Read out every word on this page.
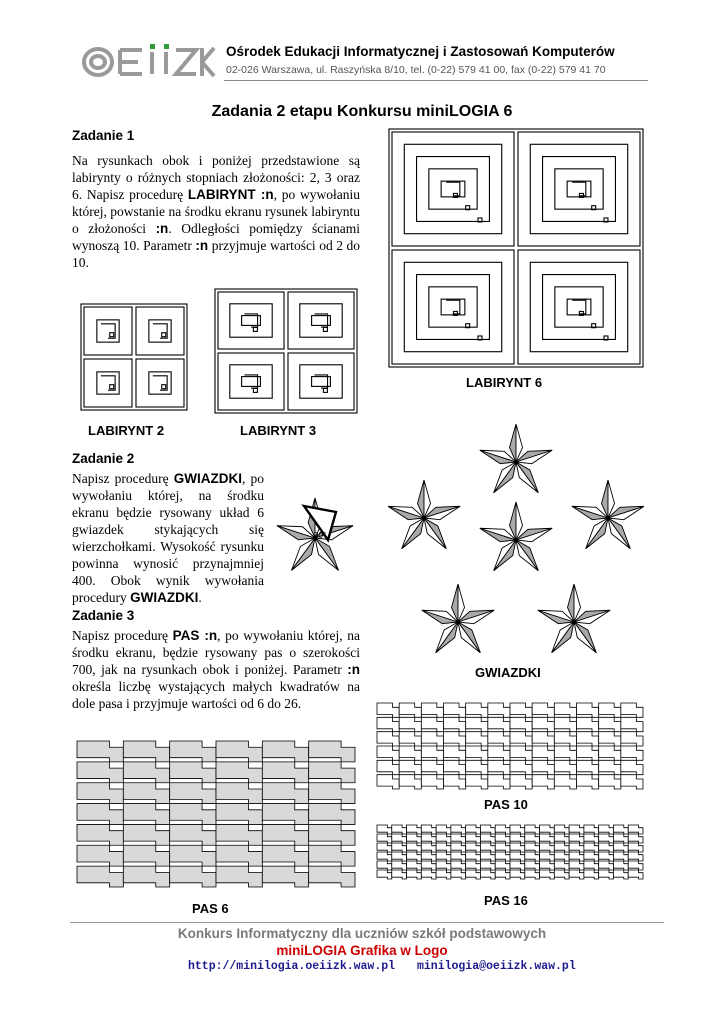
Ośrodek Edukacji Informatycznej i Zastosowań Komputerów
02-026 Warszawa, ul. Raszyńska 8/10, tel. (0-22) 579 41 00, fax (0-22) 579 41 70
Zadania 2 etapu Konkursu miniLOGIA 6
Zadanie 1
Na rysunkach obok i poniżej przedstawione są labirynty o różnych stopniach złożoności: 2, 3 oraz 6. Napisz procedurę LABIRYNT :n, po wywołaniu której, powstanie na środku ekranu rysunek labiryntu o złożoności :n. Odległości pomiędzy ścianami wynoszą 10. Parametr :n przyjmuje wartości od 2 do 10.
LABIRYNT 2	LABIRYNT 3
LABIRYNT 6
Zadanie 2
90°
Napisz procedurę GWIAZDKI, po wywołaniu której, na środku ekranu będzie rysowany układ 6 gwiazdek stykających się wierzchołkami. Wysokość rysunku powinna wynosić przynajmniej 400. Obok wynik wywołania procedury GWIAZDKI.
GWIAZDKI
Zadanie 3
Napisz procedurę PAS :n, po wywołaniu której, na środku ekranu, będzie rysowany pas o szerokości 700, jak na rysunkach obok i poniżej. Parametr :n określa liczbę wystających małych kwadratów na dole pasa i przyjmuje wartości od 6 do 26.
PAS 6
PAS 10
PAS 16
Konkurs Informatyczny dla uczniów szkół podstawowych
miniLOGIA Grafika w Logo
http://minilogia.oeiizk.waw.pl minilogia@oeiizk.waw.pl
